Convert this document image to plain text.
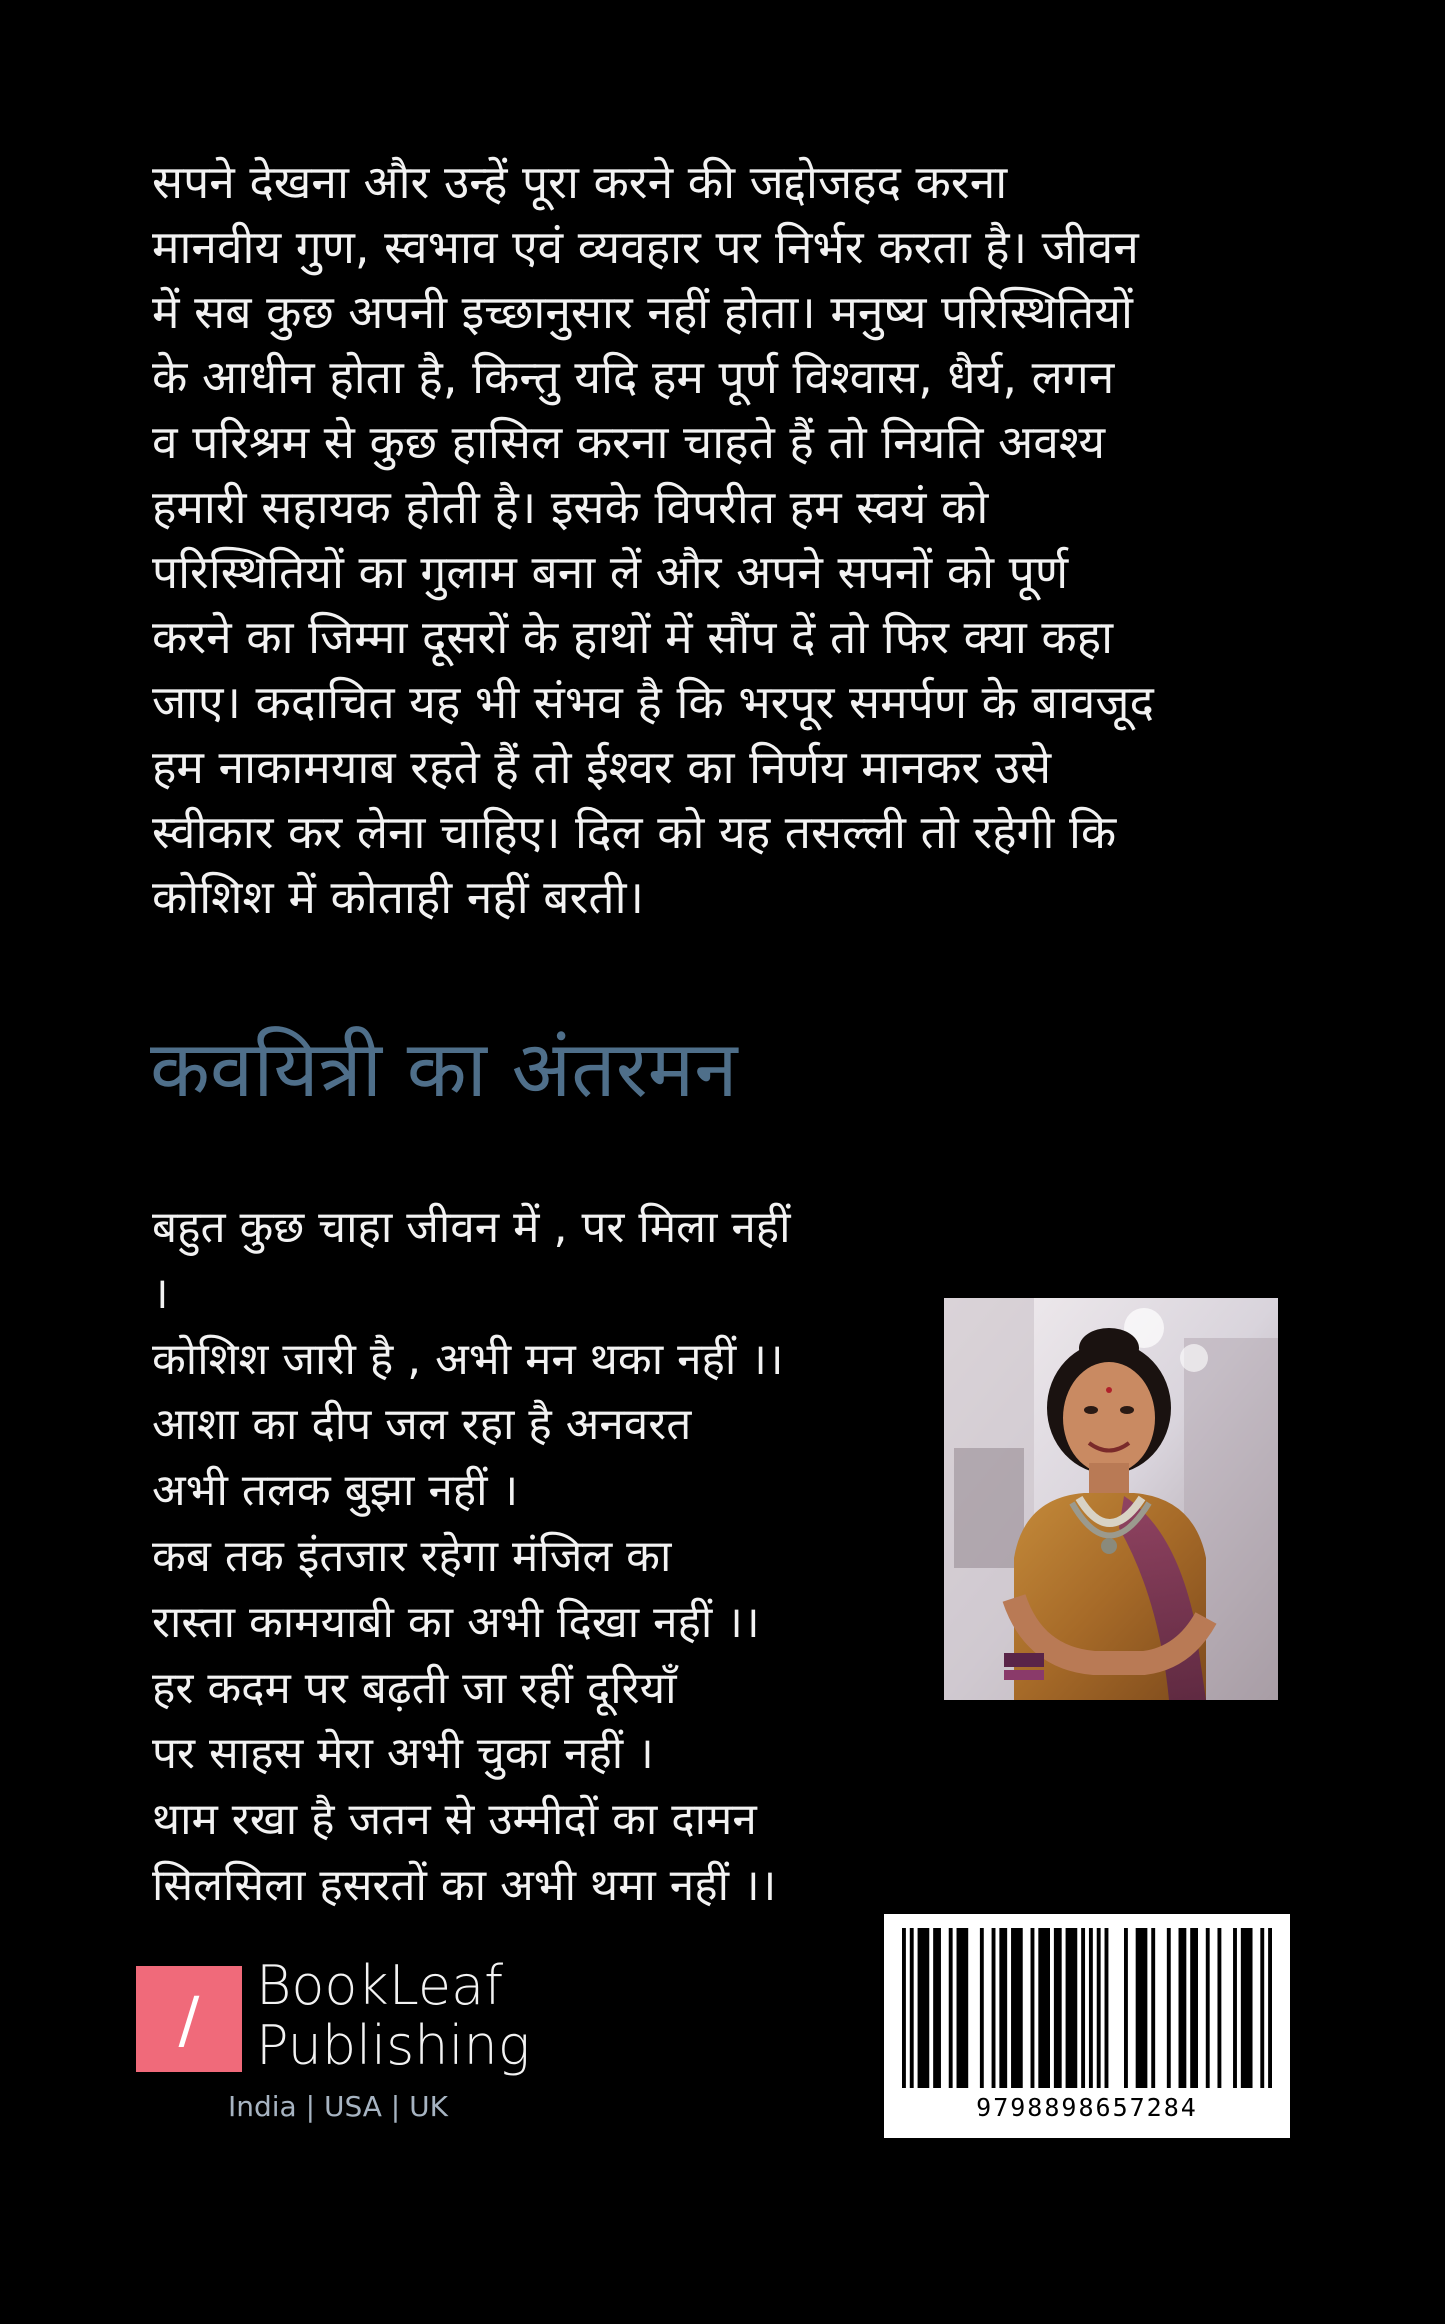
सपने देखना और उन्हें पूरा करने की जद्दोजहद करना
मानवीय गुण, स्वभाव एवं व्यवहार पर निर्भर करता है। जीवन
में सब कुछ अपनी इच्छानुसार नहीं होता। मनुष्य परिस्थितियों
के आधीन होता है, किन्तु यदि हम पूर्ण विश्वास, धैर्य, लगन
व परिश्रम से कुछ हासिल करना चाहते हैं तो नियति अवश्य
हमारी सहायक होती है। इसके विपरीत हम स्वयं को
परिस्थितियों का गुलाम बना लें और अपने सपनों को पूर्ण
करने का जिम्मा दूसरों के हाथों में सौंप दें तो फिर क्या कहा
जाए। कदाचित यह भी संभव है कि भरपूर समर्पण के बावजूद
हम नाकामयाब रहते हैं तो ईश्वर का निर्णय मानकर उसे
स्वीकार कर लेना चाहिए। दिल को यह तसल्ली तो रहेगी कि
कोशिश में कोताही नहीं बरती।
कवयित्री का अंतरमन
बहुत कुछ चाहा जीवन में , पर मिला नहीं
।
कोशिश जारी है , अभी मन थका नहीं ।।
आशा का दीप जल रहा है अनवरत
अभी तलक बुझा नहीं ।
कब तक इंतजार रहेगा मंजिल का
रास्ता कामयाबी का अभी दिखा नहीं ।।
हर कदम पर बढ़ती जा रहीं दूरियाँ
पर साहस मेरा अभी चुका नहीं ।
थाम रखा है जतन से उम्मीदों का दामन
सिलसिला हसरतों का अभी थमा नहीं ।।
/	BookLeaf
Publishing
India | USA | UK	9798898657284
